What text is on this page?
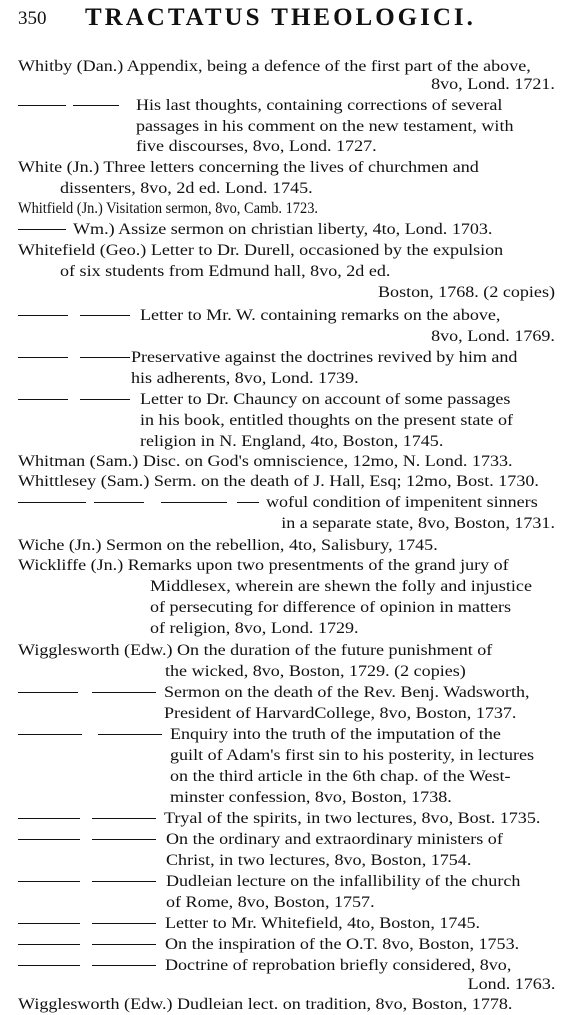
350 TRACTATUS THEOLOGICI.
Whitby (Dan.) Appendix, being a defence of the first part of the above,
8vo, Lond. 1721.
His last thoughts, containing corrections of several
passages in his comment on the new testament, with
five discourses, 8vo, Lond. 1727.
White (Jn.) Three letters concerning the lives of churchmen and
dissenters, 8vo, 2d ed. Lond. 1745.
Whitfield (Jn.) Visitation sermon, 8vo, Camb. 1723.
Wm.) Assize sermon on christian liberty, 4to, Lond. 1703.
Whitefield (Geo.) Letter to Dr. Durell, occasioned by the expulsion
of six students from Edmund hall, 8vo, 2d ed.
Boston, 1768. (2 copies)
Letter to Mr. W. containing remarks on the above,
8vo, Lond. 1769.
Preservative against the doctrines revived by him and
his adherents, 8vo, Lond. 1739.
Letter to Dr. Chauncy on account of some passages
in his book, entitled thoughts on the present state of
religion in N. England, 4to, Boston, 1745.
Whitman (Sam.) Disc. on God's omniscience, 12mo, N. Lond. 1733.
Whittlesey (Sam.) Serm. on the death of J. Hall, Esq; 12mo, Bost. 1730.
woful condition of impenitent sinners
in a separate state, 8vo, Boston, 1731.
Wiche (Jn.) Sermon on the rebellion, 4to, Salisbury, 1745.
Wickliffe (Jn.) Remarks upon two presentments of the grand jury of
Middlesex, wherein are shewn the folly and injustice
of persecuting for difference of opinion in matters
of religion, 8vo, Lond. 1729.
Wigglesworth (Edw.) On the duration of the future punishment of
the wicked, 8vo, Boston, 1729. (2 copies)
Sermon on the death of the Rev. Benj. Wadsworth,
President of HarvardCollege, 8vo, Boston, 1737.
Enquiry into the truth of the imputation of the
guilt of Adam's first sin to his posterity, in lectures
on the third article in the 6th chap. of the West-
minster confession, 8vo, Boston, 1738.
Tryal of the spirits, in two lectures, 8vo, Bost. 1735.
On the ordinary and extraordinary ministers of
Christ, in two lectures, 8vo, Boston, 1754.
Dudleian lecture on the infallibility of the church
of Rome, 8vo, Boston, 1757.
Letter to Mr. Whitefield, 4to, Boston, 1745.
On the inspiration of the O.T. 8vo, Boston, 1753.
Doctrine of reprobation briefly considered, 8vo,
Lond. 1763.
Wigglesworth (Edw.) Dudleian lect. on tradition, 8vo, Boston, 1778.
